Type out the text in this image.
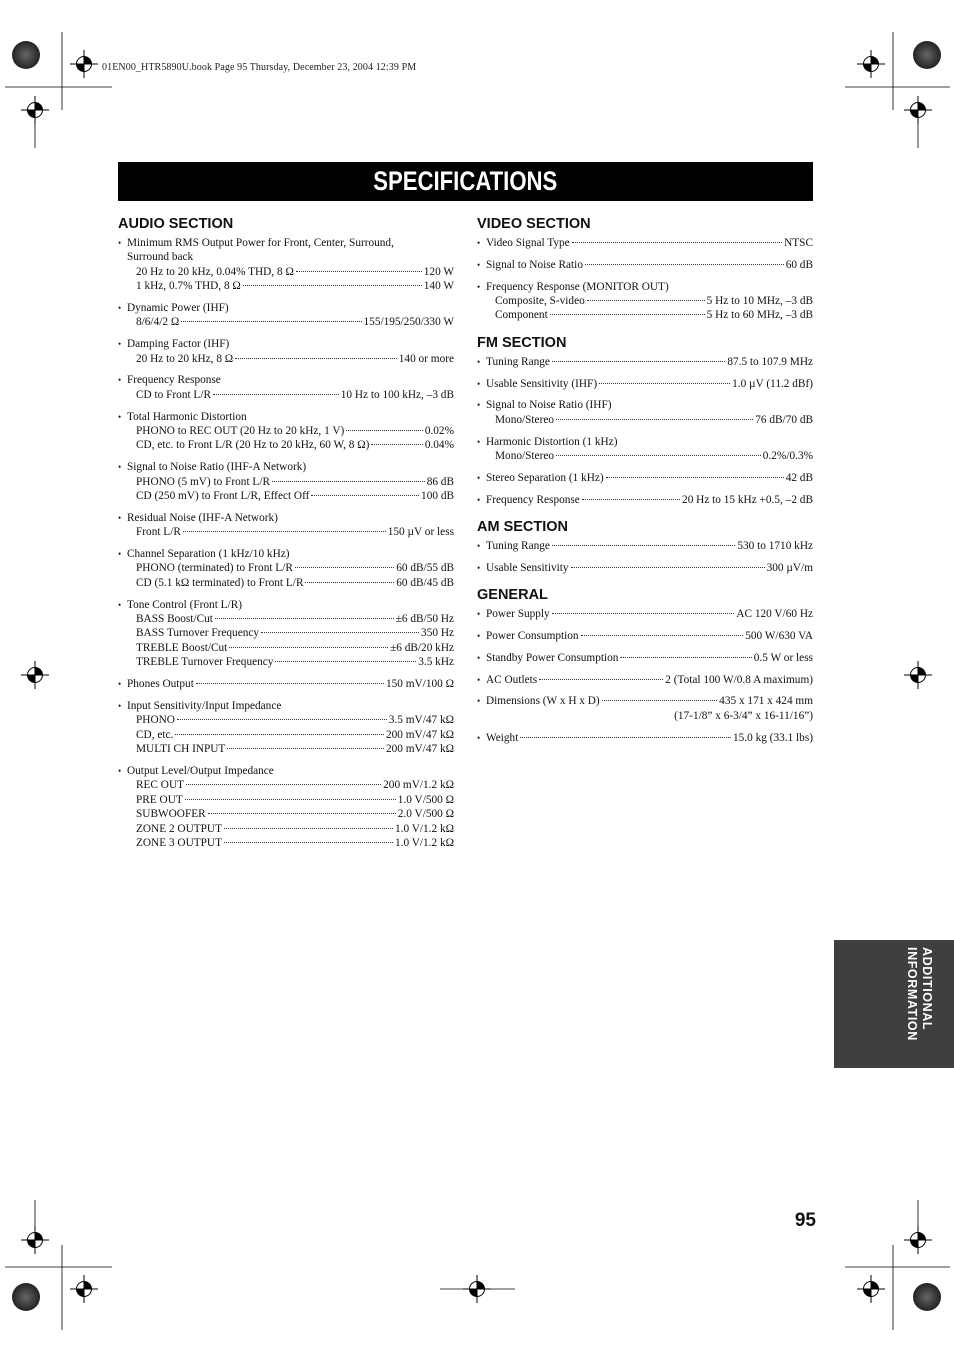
01EN00_HTR5890U.book Page 95 Thursday, December 23, 2004 12:39 PM
SPECIFICATIONS
AUDIO SECTION
• Minimum RMS Output Power for Front, Center, Surround,
Surround back
20 Hz to 20 kHz, 0.04% THD, 8 Ω	120 W
1 kHz, 0.7% THD, 8 Ω	140 W
• Dynamic Power (IHF)
8/6/4/2 Ω	155/195/250/330 W
• Damping Factor (IHF)
20 Hz to 20 kHz, 8 Ω	140 or more
• Frequency Response
CD to Front L/R	10 Hz to 100 kHz, –3 dB
• Total Harmonic Distortion
PHONO to REC OUT (20 Hz to 20 kHz, 1 V)	0.02%
CD, etc. to Front L/R (20 Hz to 20 kHz, 60 W, 8 Ω)	0.04%
• Signal to Noise Ratio (IHF-A Network)
PHONO (5 mV) to Front L/R	86 dB
CD (250 mV) to Front L/R, Effect Off	100 dB
• Residual Noise (IHF-A Network)
Front L/R	150 µV or less
• Channel Separation (1 kHz/10 kHz)
PHONO (terminated) to Front L/R	60 dB/55 dB
CD (5.1 kΩ terminated) to Front L/R	60 dB/45 dB
• Tone Control (Front L/R)
BASS Boost/Cut	±6 dB/50 Hz
BASS Turnover Frequency	350 Hz
TREBLE Boost/Cut	±6 dB/20 kHz
TREBLE Turnover Frequency	3.5 kHz
• Phones Output	150 mV/100 Ω
• Input Sensitivity/Input Impedance
PHONO	3.5 mV/47 kΩ
CD, etc.	200 mV/47 kΩ
MULTI CH INPUT	200 mV/47 kΩ
• Output Level/Output Impedance
REC OUT	200 mV/1.2 kΩ
PRE OUT	1.0 V/500 Ω
SUBWOOFER	2.0 V/500 Ω
ZONE 2 OUTPUT	1.0 V/1.2 kΩ
ZONE 3 OUTPUT	1.0 V/1.2 kΩ
VIDEO SECTION
• Video Signal Type	NTSC
• Signal to Noise Ratio	60 dB
• Frequency Response (MONITOR OUT)
Composite, S-video	5 Hz to 10 MHz, –3 dB
Component	5 Hz to 60 MHz, –3 dB
FM SECTION
• Tuning Range	87.5 to 107.9 MHz
• Usable Sensitivity (IHF)	1.0 µV (11.2 dBf)
• Signal to Noise Ratio (IHF)
Mono/Stereo	76 dB/70 dB
• Harmonic Distortion (1 kHz)
Mono/Stereo	0.2%/0.3%
• Stereo Separation (1 kHz)	42 dB
• Frequency Response	20 Hz to 15 kHz +0.5, –2 dB
AM SECTION
• Tuning Range	530 to 1710 kHz
• Usable Sensitivity	300 µV/m
GENERAL
• Power Supply	AC 120 V/60 Hz
• Power Consumption	500 W/630 VA
• Standby Power Consumption	0.5 W or less
• AC Outlets	2 (Total 100 W/0.8 A maximum)
• Dimensions (W x H x D)	435 x 171 x 424 mm
(17-1/8” x 6-3/4” x 16-11/16”)
• Weight	15.0 kg (33.1 lbs)
ADDITIONAL
INFORMATION
95
